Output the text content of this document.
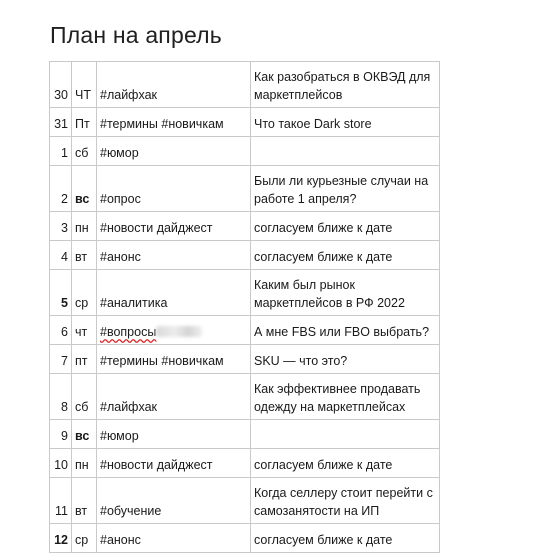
План на апрель
30	ЧТ	#лайфхак	Как разобраться в ОКВЭД для маркетплейсов
31	Пт	#термины #новичкам	Что такое Dark store
1	сб	#юмор	
2	вс	#опрос	Были ли курьезные случаи на работе 1 апреля?
3	пн	#новости дайджест	согласуем ближе к дате
4	вт	#анонс	согласуем ближе к дате
5	ср	#аналитика	Каким был рынок маркетплейсов в РФ 2022
6	чт	#вопросы	А мне FBS или FBO выбрать?
7	пт	#термины #новичкам	SKU — что это?
8	сб	#лайфхак	Как эффективнее продавать одежду на маркетплейсах
9	вс	#юмор	
10	пн	#новости дайджест	согласуем ближе к дате
11	вт	#обучение	Когда селлеру стоит перейти с самозанятости на ИП
12	ср	#анонс	согласуем ближе к дате
